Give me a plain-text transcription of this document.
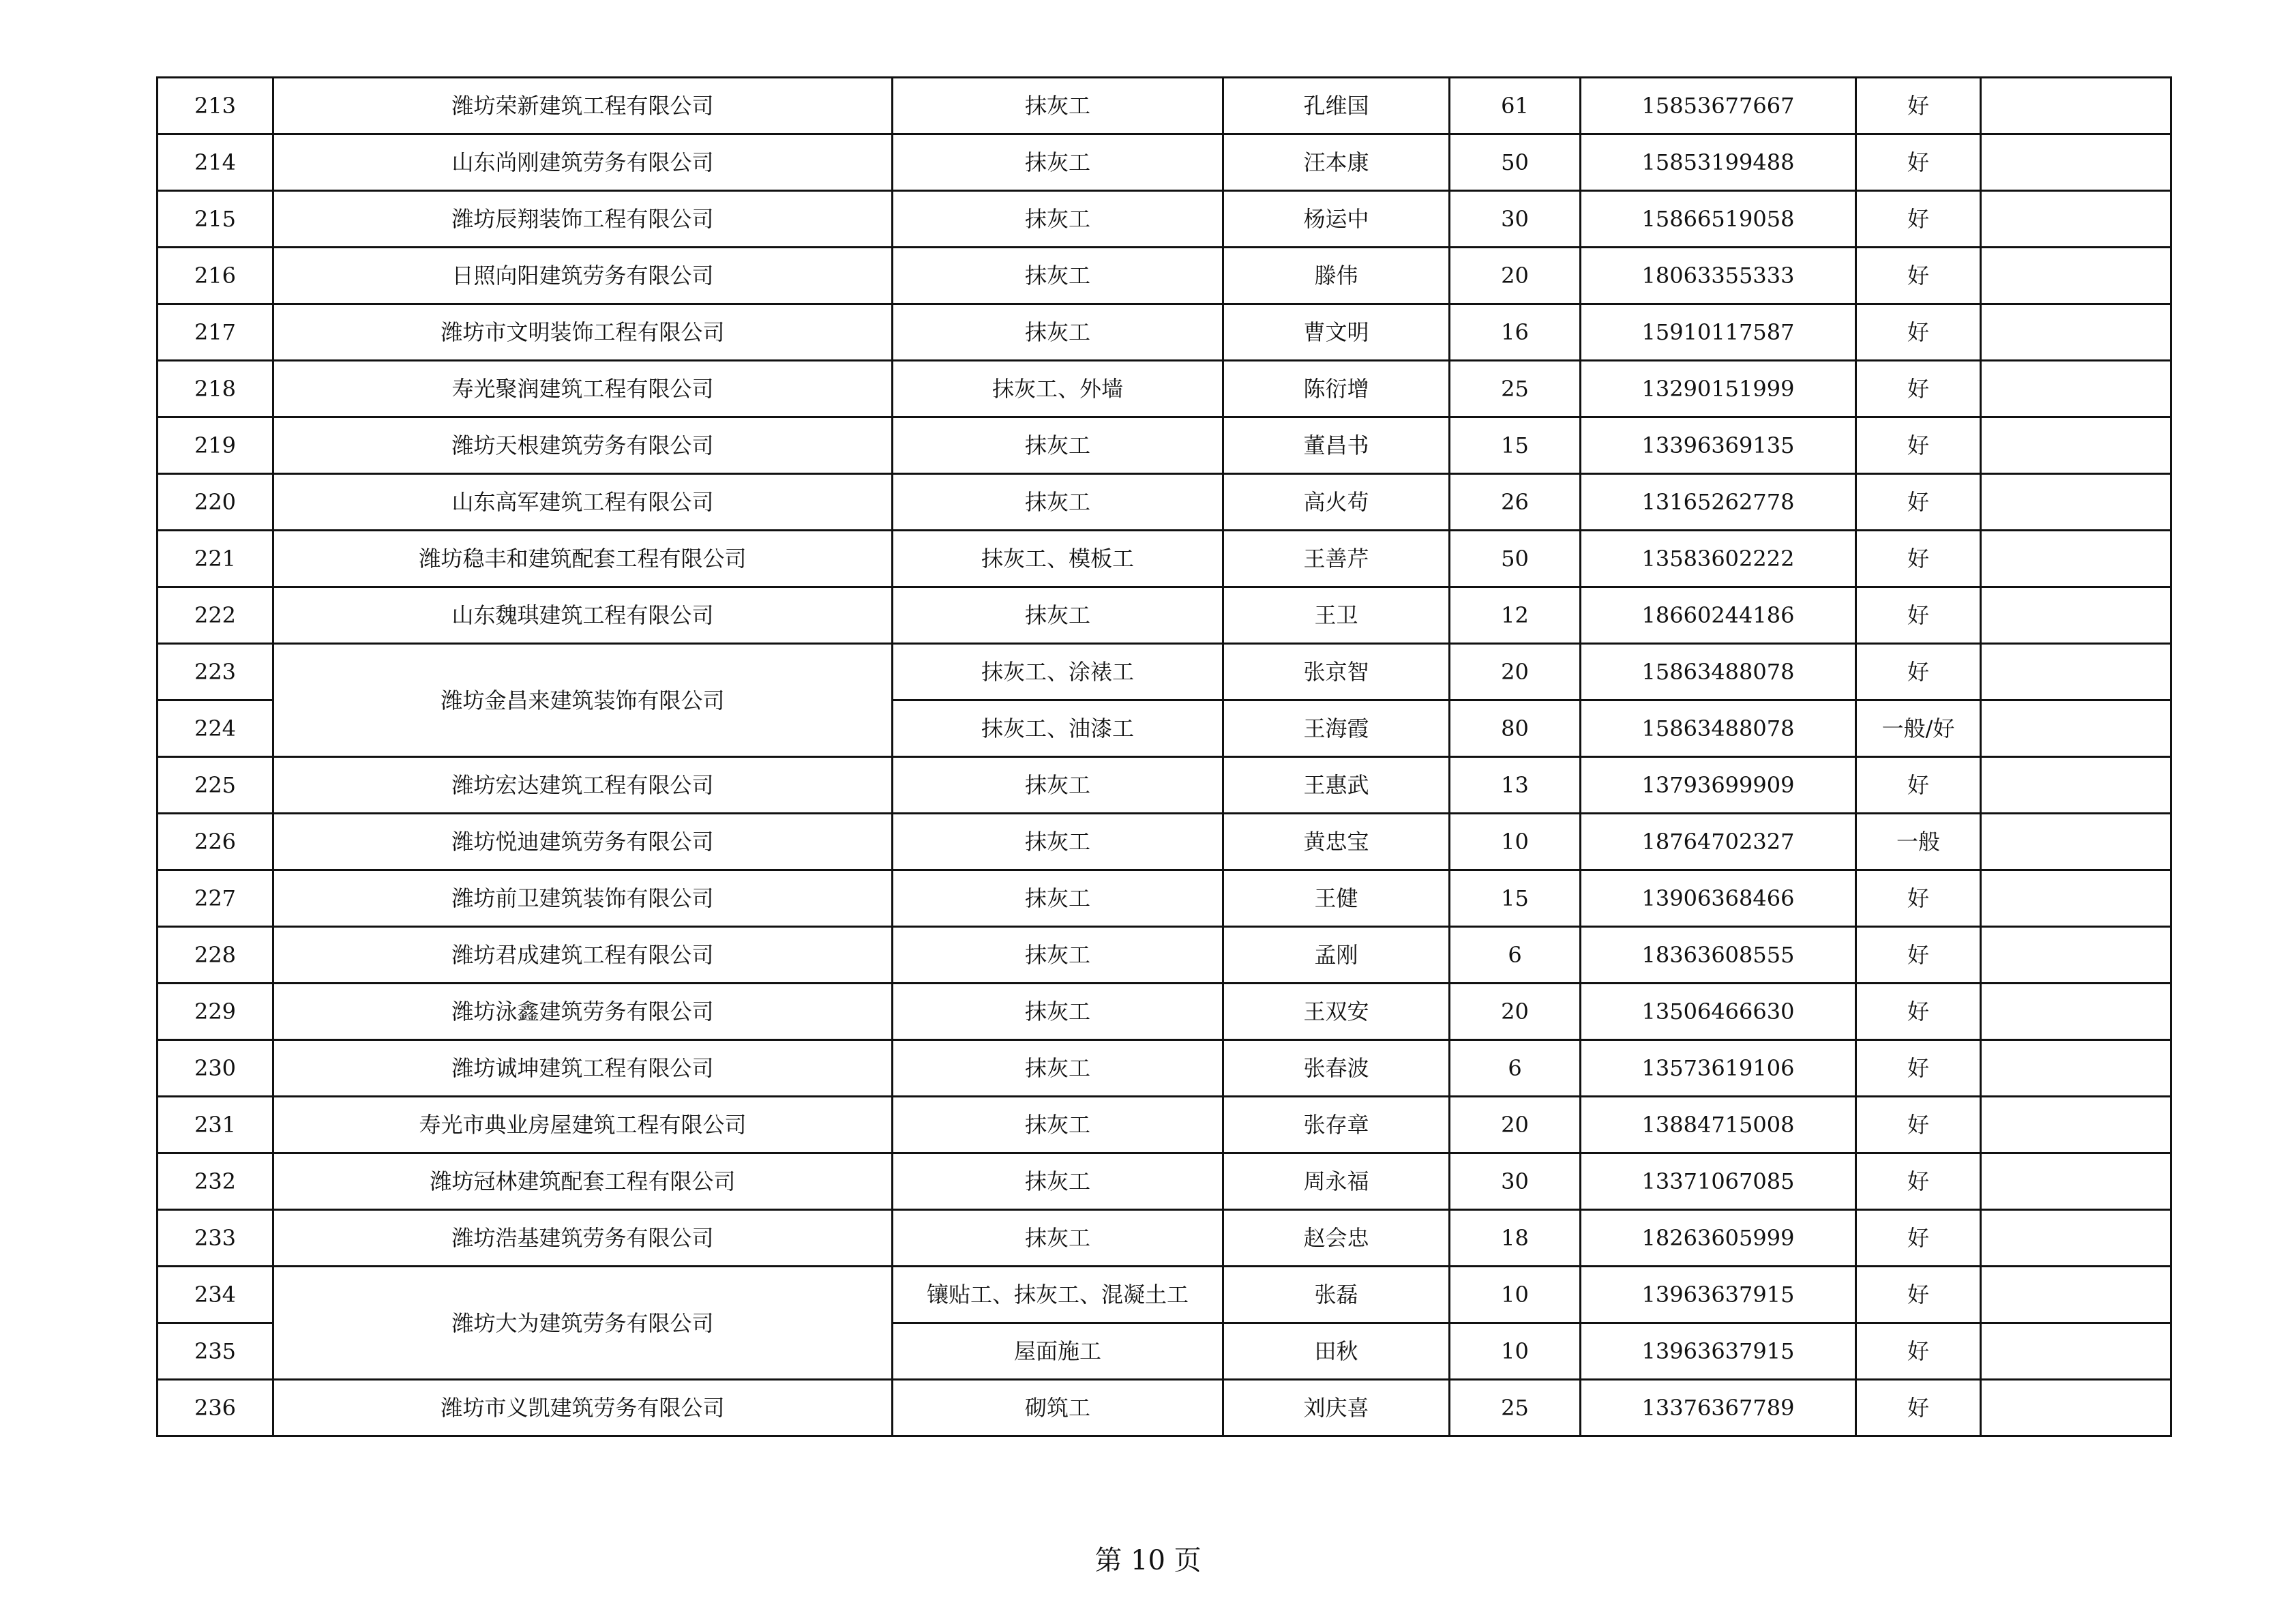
213	潍坊荣新建筑工程有限公司	抹灰工	孔维国	61	15853677667	好	
214	山东尚刚建筑劳务有限公司	抹灰工	汪本康	50	15853199488	好	
215	潍坊辰翔装饰工程有限公司	抹灰工	杨运中	30	15866519058	好	
216	日照向阳建筑劳务有限公司	抹灰工	滕伟	20	18063355333	好	
217	潍坊市文明装饰工程有限公司	抹灰工	曹文明	16	15910117587	好	
218	寿光聚润建筑工程有限公司	抹灰工、外墙	陈衍增	25	13290151999	好	
219	潍坊天根建筑劳务有限公司	抹灰工	董昌书	15	13396369135	好	
220	山东高军建筑工程有限公司	抹灰工	高火苟	26	13165262778	好	
221	潍坊稳丰和建筑配套工程有限公司	抹灰工、模板工	王善芹	50	13583602222	好	
222	山东魏琪建筑工程有限公司	抹灰工	王卫	12	18660244186	好	
223	潍坊金昌来建筑装饰有限公司	抹灰工、涂裱工	张京智	20	15863488078	好	
224		抹灰工、油漆工	王海霞	80	15863488078	一般/好	
225	潍坊宏达建筑工程有限公司	抹灰工	王惠武	13	13793699909	好	
226	潍坊悦迪建筑劳务有限公司	抹灰工	黄忠宝	10	18764702327	一般	
227	潍坊前卫建筑装饰有限公司	抹灰工	王健	15	13906368466	好	
228	潍坊君成建筑工程有限公司	抹灰工	孟刚	6	18363608555	好	
229	潍坊泳鑫建筑劳务有限公司	抹灰工	王双安	20	13506466630	好	
230	潍坊诚坤建筑工程有限公司	抹灰工	张春波	6	13573619106	好	
231	寿光市典业房屋建筑工程有限公司	抹灰工	张存章	20	13884715008	好	
232	潍坊冠林建筑配套工程有限公司	抹灰工	周永福	30	13371067085	好	
233	潍坊浩基建筑劳务有限公司	抹灰工	赵会忠	18	18263605999	好	
234	潍坊大为建筑劳务有限公司	镶贴工、抹灰工、混凝土工	张磊	10	13963637915	好	
235		屋面施工	田秋	10	13963637915	好	
236	潍坊市义凯建筑劳务有限公司	砌筑工	刘庆喜	25	13376367789	好	
第 10 页
